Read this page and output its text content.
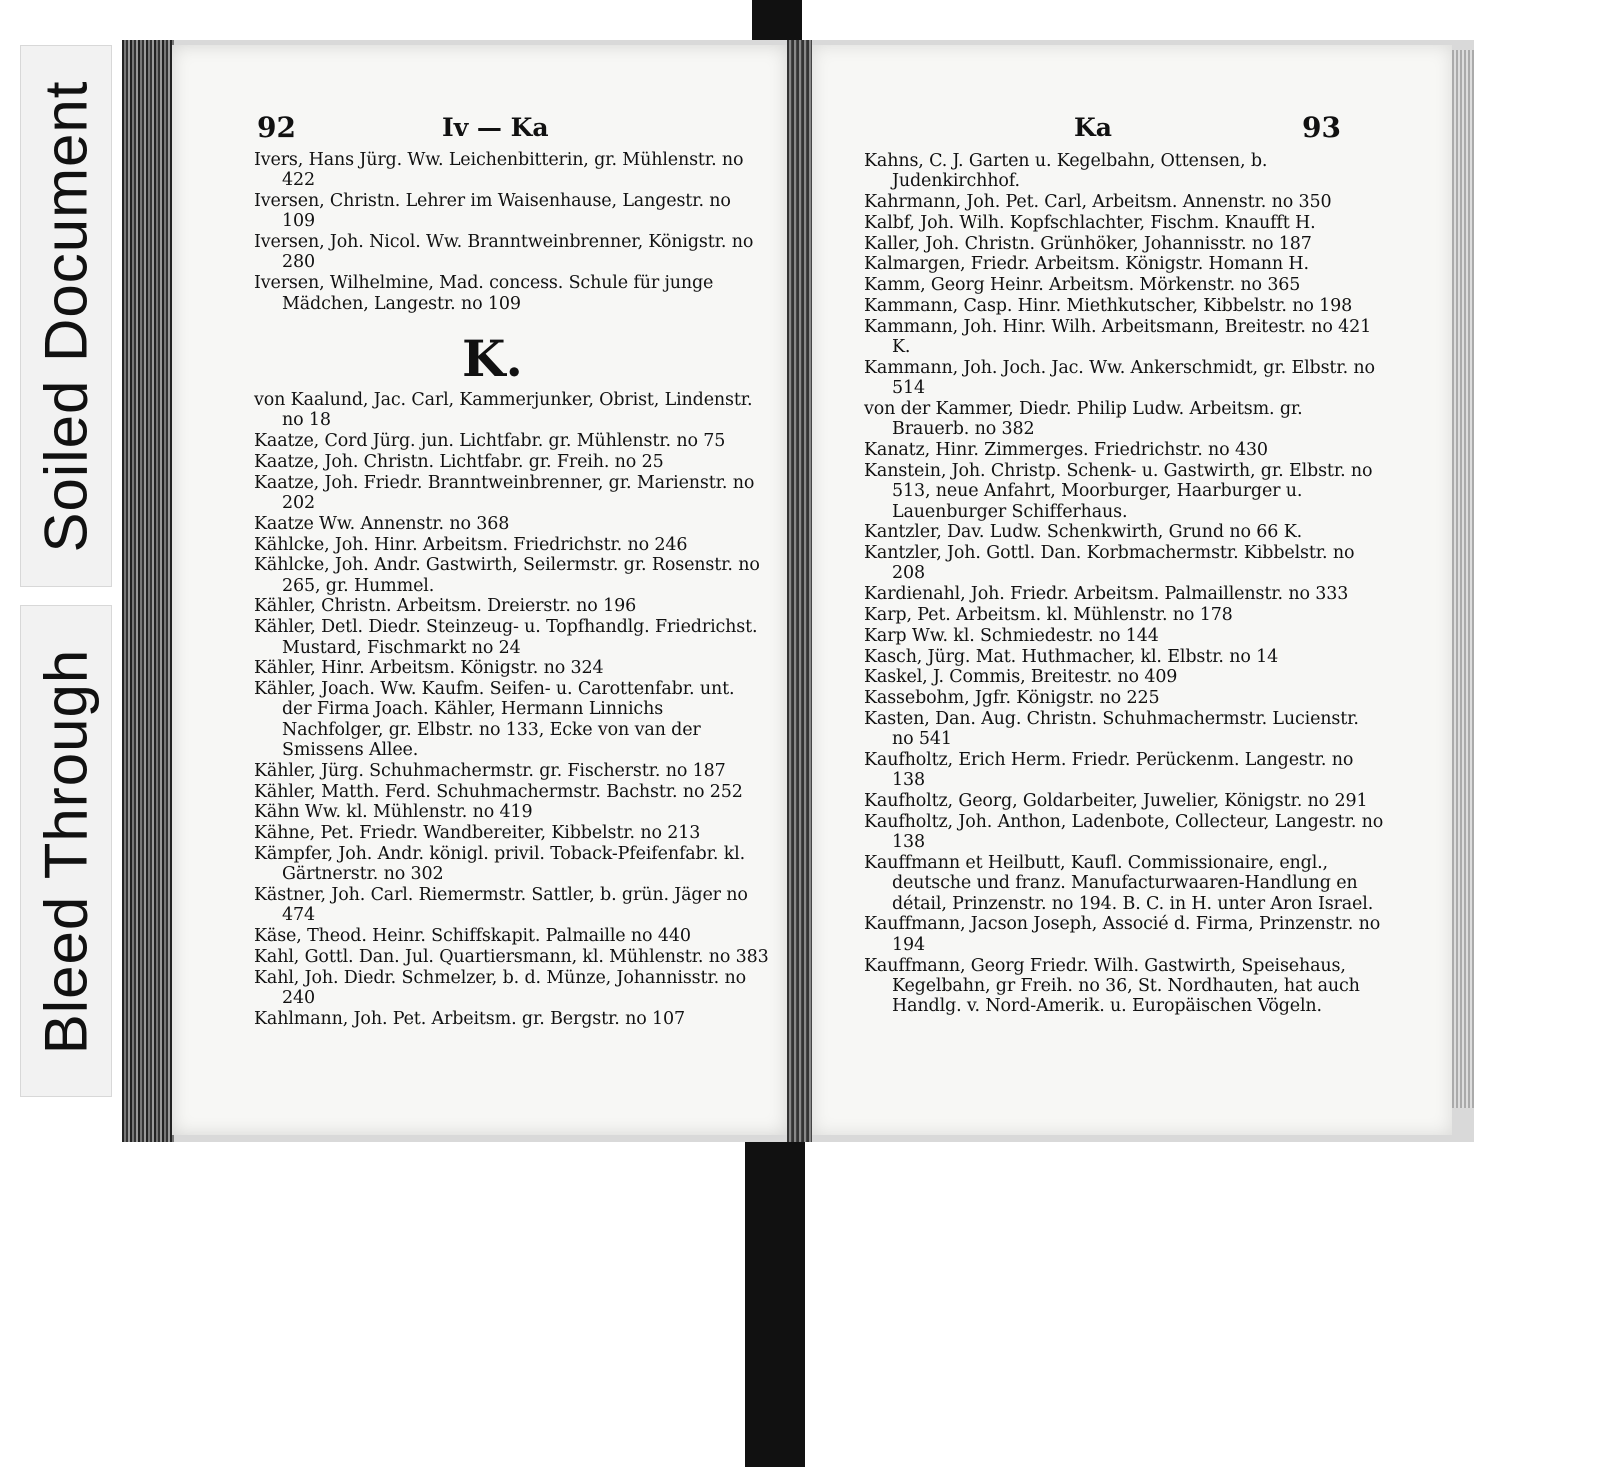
Soiled Document
Bleed Through
92	Iv — Ka

Ivers, Hans Jürg. Ww. Leichenbitterin, gr. Mühlenstr. no 422

Iversen, Christn. Lehrer im Waisenhause, Langestr. no 109

Iversen, Joh. Nicol. Ww. Branntweinbrenner, Königstr. no 280

Iversen, Wilhelmine, Mad. concess. Schule für junge Mädchen, Langestr. no 109

K.

von Kaalund, Jac. Carl, Kammerjunker, Obrist, Lindenstr. no 18

Kaatze, Cord Jürg. jun. Lichtfabr. gr. Mühlenstr. no 75

Kaatze, Joh. Christn. Lichtfabr. gr. Freih. no 25

Kaatze, Joh. Friedr. Branntweinbrenner, gr. Marienstr. no 202

Kaatze Ww. Annenstr. no 368

Kählcke, Joh. Hinr. Arbeitsm. Friedrichstr. no 246

Kählcke, Joh. Andr. Gastwirth, Seilermstr. gr. Rosenstr. no 265, gr. Hummel.

Kähler, Christn. Arbeitsm. Dreierstr. no 196

Kähler, Detl. Diedr. Steinzeug- u. Topfhandlg. Friedrichst. Mustard, Fischmarkt no 24

Kähler, Hinr. Arbeitsm. Königstr. no 324

Kähler, Joach. Ww. Kaufm. Seifen- u. Carottenfabr. unt. der Firma Joach. Kähler, Hermann Linnichs Nachfolger, gr. Elbstr. no 133, Ecke von van der Smissens Allee.

Kähler, Jürg. Schuhmachermstr. gr. Fischerstr. no 187

Kähler, Matth. Ferd. Schuhmachermstr. Bachstr. no 252

Kähn Ww. kl. Mühlenstr. no 419

Kähne, Pet. Friedr. Wandbereiter, Kibbelstr. no 213

Kämpfer, Joh. Andr. königl. privil. Toback-Pfeifenfabr. kl. Gärtnerstr. no 302

Kästner, Joh. Carl. Riemermstr. Sattler, b. grün. Jäger no 474

Käse, Theod. Heinr. Schiffskapit. Palmaille no 440

Kahl, Gottl. Dan. Jul. Quartiersmann, kl. Mühlenstr. no 383

Kahl, Joh. Diedr. Schmelzer, b. d. Münze, Johannisstr. no 240

Kahlmann, Joh. Pet. Arbeitsm. gr. Bergstr. no 107

Ka	93

Kahns, C. J. Garten u. Kegelbahn, Ottensen, b. Judenkirchhof.

Kahrmann, Joh. Pet. Carl, Arbeitsm. Annenstr. no 350

Kalbf, Joh. Wilh. Kopfschlachter, Fischm. Knaufft H.

Kaller, Joh. Christn. Grünhöker, Johannisstr. no 187

Kalmargen, Friedr. Arbeitsm. Königstr. Homann H.

Kamm, Georg Heinr. Arbeitsm. Mörkenstr. no 365

Kammann, Casp. Hinr. Miethkutscher, Kibbelstr. no 198

Kammann, Joh. Hinr. Wilh. Arbeitsmann, Breitestr. no 421 K.

Kammann, Joh. Joch. Jac. Ww. Ankerschmidt, gr. Elbstr. no 514

von der Kammer, Diedr. Philip Ludw. Arbeitsm. gr. Brauerb. no 382

Kanatz, Hinr. Zimmerges. Friedrichstr. no 430

Kanstein, Joh. Christp. Schenk- u. Gastwirth, gr. Elbstr. no 513, neue Anfahrt, Moorburger, Haarburger u. Lauenburger Schifferhaus.

Kantzler, Dav. Ludw. Schenkwirth, Grund no 66 K.

Kantzler, Joh. Gottl. Dan. Korbmachermstr. Kibbelstr. no 208

Kardienahl, Joh. Friedr. Arbeitsm. Palmaillenstr. no 333

Karp, Pet. Arbeitsm. kl. Mühlenstr. no 178

Karp Ww. kl. Schmiedestr. no 144

Kasch, Jürg. Mat. Huthmacher, kl. Elbstr. no 14

Kaskel, J. Commis, Breitestr. no 409

Kassebohm, Jgfr. Königstr. no 225

Kasten, Dan. Aug. Christn. Schuhmachermstr. Lucienstr. no 541

Kaufholtz, Erich Herm. Friedr. Perückenm. Langestr. no 138

Kaufholtz, Georg, Goldarbeiter, Juwelier, Königstr. no 291

Kaufholtz, Joh. Anthon, Ladenbote, Collecteur, Langestr. no 138

Kauffmann et Heilbutt, Kaufl. Commissionaire, engl., deutsche und franz. Manufacturwaaren-Handlung en détail, Prinzenstr. no 194. B. C. in H. unter Aron Israel.

Kauffmann, Jacson Joseph, Associé d. Firma, Prinzenstr. no 194

Kauffmann, Georg Friedr. Wilh. Gastwirth, Speisehaus, Kegelbahn, gr Freih. no 36, St. Nordhauten, hat auch Handlg. v. Nord-Amerik. u. Europäischen Vögeln.
